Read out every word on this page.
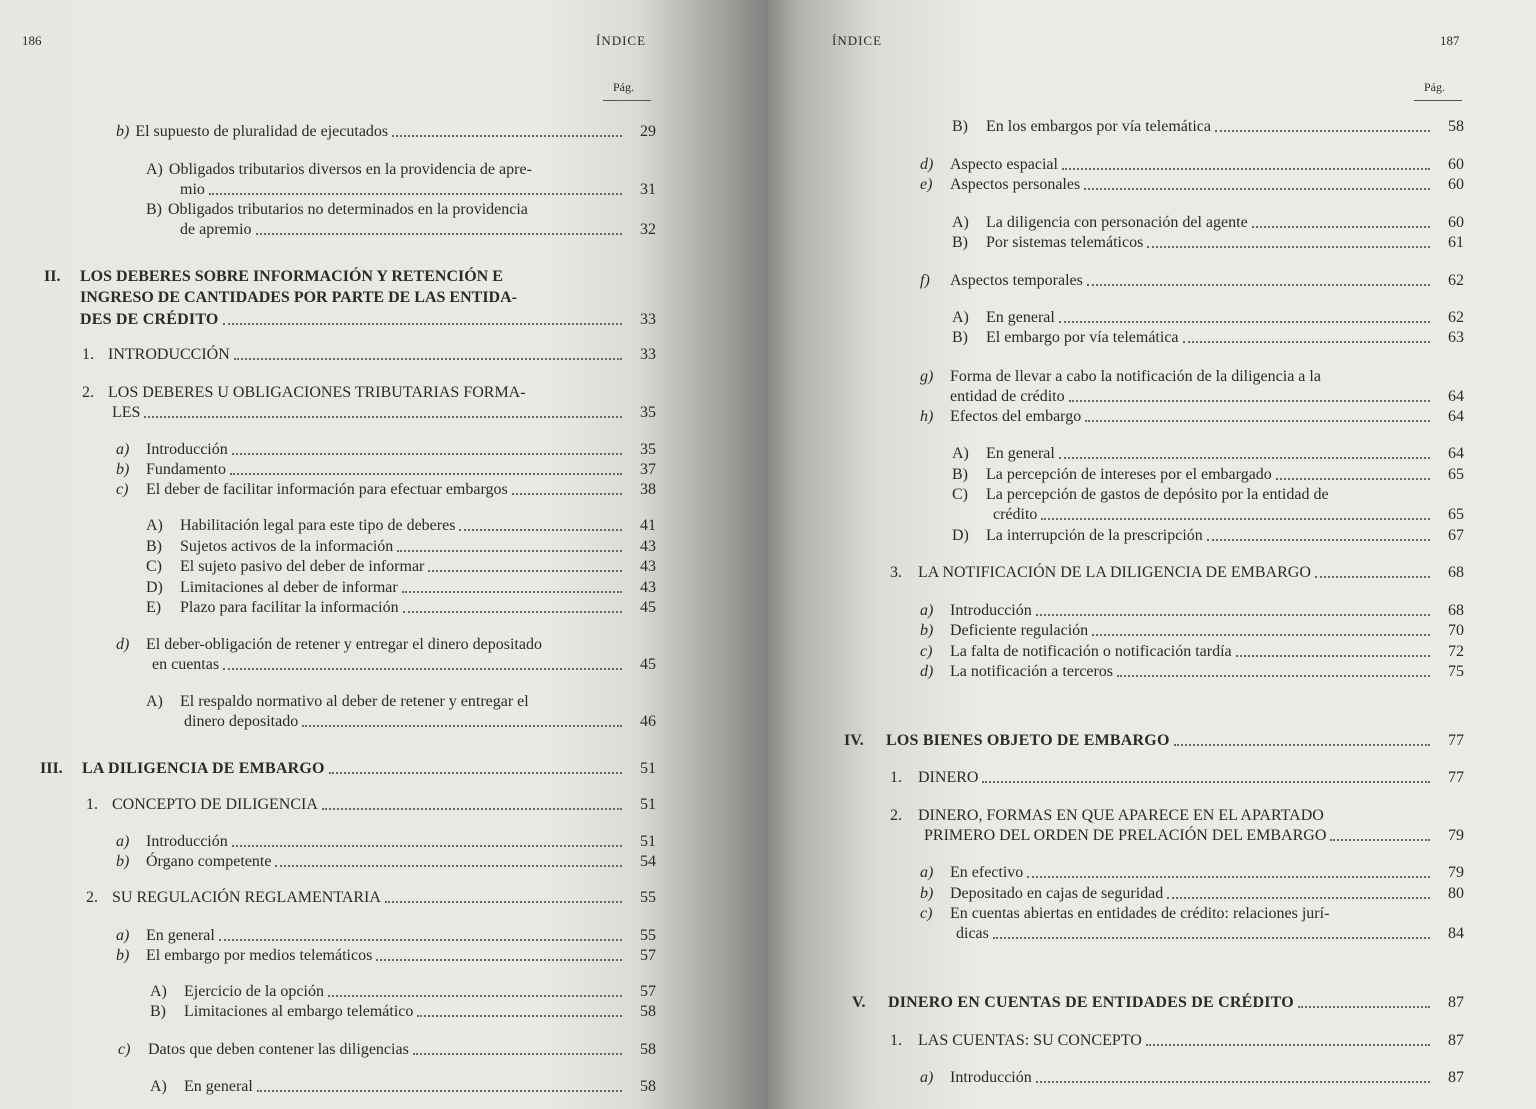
186	ÍNDICE
Pág.
b) El supuesto de pluralidad de ejecutados	29
A) Obligados tributarios diversos en la providencia de apre-
mio	31
B) Obligados tributarios no determinados en la providencia
de apremio	32
II. LOS DEBERES SOBRE INFORMACIÓN Y RETENCIÓN E
INGRESO DE CANTIDADES POR PARTE DE LAS ENTIDA-
DES DE CRÉDITO	33
1. INTRODUCCIÓN	33
2. LOS DEBERES U OBLIGACIONES TRIBUTARIAS FORMA-
LES	35
a)	Introducción	35
b)	Fundamento	37
c)	El deber de facilitar información para efectuar embargos	38
A)	Habilitación legal para este tipo de deberes	41
B)	Sujetos activos de la información	43
C)	El sujeto pasivo del deber de informar	43
D)	Limitaciones al deber de informar	43
E)	Plazo para facilitar la información	45
d) El deber-obligación de retener y entregar el dinero depositado
en cuentas	45
A) El respaldo normativo al deber de retener y entregar el
dinero depositado	46
III.	LA DILIGENCIA DE EMBARGO	51
1. CONCEPTO DE DILIGENCIA	51
a)	Introducción	51
b)	Órgano competente	54
2. SU REGULACIÓN REGLAMENTARIA	55
a)	En general	55
b)	El embargo por medios telemáticos	57
A)	Ejercicio de la opción	57
B)	Limitaciones al embargo telemático	58
c)	Datos que deben contener las diligencias	58
A)	En general	58
ÍNDICE	187
Pág.
B)	En los embargos por vía telemática	58
d)	Aspecto espacial	60
e)	Aspectos personales	60
A)	La diligencia con personación del agente	60
B)	Por sistemas telemáticos	61
f)	Aspectos temporales	62
A)	En general	62
B)	El embargo por vía telemática	63
g) Forma de llevar a cabo la notificación de la diligencia a la
entidad de crédito	64
h)	Efectos del embargo	64
A)	En general	64
B)	La percepción de intereses por el embargado	65
C) La percepción de gastos de depósito por la entidad de
crédito	65
D)	La interrupción de la prescripción	67
3.	LA NOTIFICACIÓN DE LA DILIGENCIA DE EMBARGO	68
a)	Introducción	68
b)	Deficiente regulación	70
c)	La falta de notificación o notificación tardía	72
d)	La notificación a terceros	75
IV.	LOS BIENES OBJETO DE EMBARGO	77
1.	DINERO	77
2. DINERO, FORMAS EN QUE APARECE EN EL APARTADO
PRIMERO DEL ORDEN DE PRELACIÓN DEL EMBARGO	79
a)	En efectivo	79
b)	Depositado en cajas de seguridad	80
c) En cuentas abiertas en entidades de crédito: relaciones jurí-
dicas	84
V.	DINERO EN CUENTAS DE ENTIDADES DE CRÉDITO	87
1.	LAS CUENTAS: SU CONCEPTO	87
a)	Introducción	87
